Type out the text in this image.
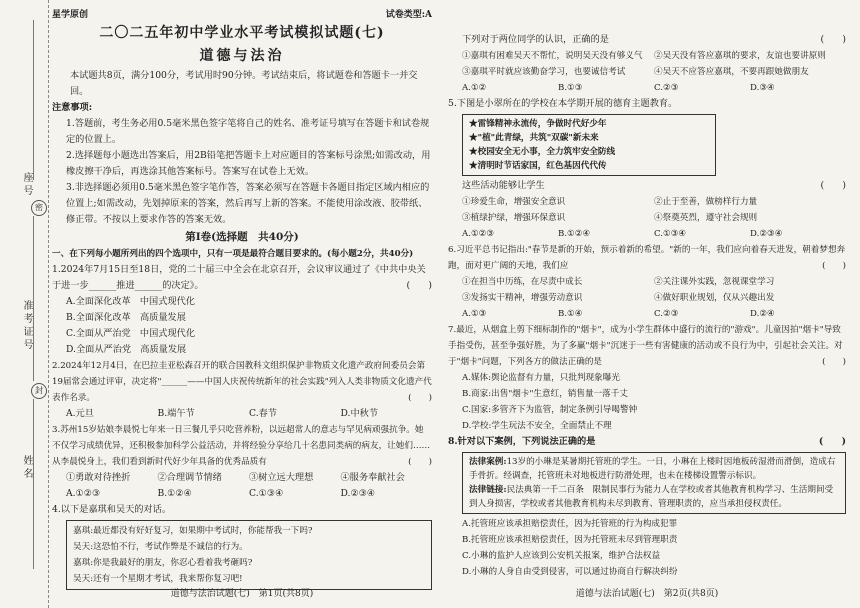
座号
密
准考证号
封
姓名
星学原创	试卷类型:A
二〇二五年初中学业水平考试模拟试题(七)
道德与法治
本试题共8页，满分100分，考试用时90分钟。考试结束后，将试题卷和答题卡一并交回。
注意事项:
1.答题前，考生务必用0.5毫米黑色签字笔将自己的姓名、准考证号填写在答题卡和试卷规定的位置上。
2.选择题每小题选出答案后，用2B铅笔把答题卡上对应题目的答案标号涂黑;如需改动，用橡皮擦干净后，再选涂其他答案标号。答案写在试卷上无效。
3.非选择题必须用0.5毫米黑色签字笔作答，答案必须写在答题卡各题目指定区域内相应的位置上;如需改动，先划掉原来的答案，然后再写上新的答案。不能使用涂改液、胶带纸、修正带。不按以上要求作答的答案无效。
第Ⅰ卷(选择题　共40分)
一、在下列每小题所列出的四个选项中，只有一项是最符合题目要求的。(每小题2分，共40分)
1.2024年7月15日至18日，党的二十届三中全会在北京召开，会议审议通过了《中共中央关于进一步______推进______的决定》。	(　　)
A.全面深化改革　中国式现代化
B.全面深化改革　高质量发展
C.全面从严治党　中国式现代化
D.全面从严治党　高质量发展
2.2024年12月4日，在巴拉圭亚松森召开的联合国教科文组织保护非物质文化遗产政府间委员会第19届常会通过评审，决定将"______——中国人庆祝传统新年的社会实践"列入人类非物质文化遗产代表作名录。	(　　)
A.元旦	B.端午节	C.春节	D.中秋节
3.苏州15岁姑娘李晨悦七年来一日三餐几乎只吃营养粉，以远超常人的意志与罕见病顽强抗争。她不仅学习成绩优异，还积极参加科学公益活动，并将经验分享给几十名患同类病的病友，让她们……从李晨悦身上，我们看到新时代好少年具备的优秀品质有	(　　)
①勇敢对待挫折	②合理调节情绪	③树立远大理想	④服务奉献社会
A.①②③	B.①②④	C.①③④	D.②③④
4.以下是嘉琪和吴天的对话。
嘉琪:最近都没有好好复习，如果期中考试时，你能帮我一下吗?
吴天:这恐怕不行，考试作弊是不诚信的行为。
嘉琪:你是我最好的朋友，你忍心看着我考砸吗?
吴天:还有一个星期才考试，我来帮你复习吧!
道德与法治试题(七)　第1页(共8页)
下列对于两位同学的认识，正确的是	(　　)
①嘉琪有困难吴天不帮忙，说明吴天没有够义气	②吴天没有答应嘉琪的要求，友谊也要讲原则
③嘉琪平时就应该勤奋学习，也要诚信考试	④吴天不应答应嘉琪，不要再跟她做朋友
A.①②	B.①③	C.②③	D.③④
5.下图是小翠所在的学校在本学期开展的德育主题教育。
★雷锋精神永流传，争做时代好少年
★"植"此青绿，共筑"双碳"新未来
★校园安全无小事，全力筑牢安全防线
★清明时节话家国，红色基因代代传
这些活动能够让学生	(　　)
①珍爱生命，增强安全意识	②止于至善，做榜样行力量
③植绿护绿，增强环保意识	④祭奠英烈，遵守社会规则
A.①②③	B.①②④	C.①③④	D.②③④
6.习近平总书记指出:"春节是新的开始，预示着新的希望。"新的一年，我们应向着春天进发，朝着梦想奔跑，面对更广阔的天地，我们应	(　　)
①在担当中历练，在尽责中成长	②关注课外实践，忽视课堂学习
③发扬实干精神，增强劳动意识	④做好职业规划，仅从兴趣出发
A.①③	B.①④	C.②③	D.②④
7.最近，从烟盒上剪下细标制作的"烟卡"，成为小学生群体中盛行的流行的"游戏"。儿童因拍"烟卡"导致手指受伤，甚至争强好胜，为了多赢"烟卡"沉迷于一些有害健康的活动或不良行为中，引起社会关注。对于"烟卡"问题，下列各方的做法正确的是	(　　)
A.媒体:舆论监督有力量，只批判现象曝光
B.商家:出售"烟卡"生意红，销售量一落千丈
C.国家:多管齐下为监管，制定条例引导喝警钟
D.学校:学生玩法不安全，全面禁止不理
8.针对以下案例，下列说法正确的是	(　　)
法律案例:13岁的小琳是某暑期托管班的学生。一日，小琳在上楼时因地板砖湿滑而滑倒，造成右手骨折。经调查，托管班未对地板进行防滑处理，也未在楼梯设置警示标识。
法律链接:民法典第一千二百条　限制民事行为能力人在学校或者其他教育机构学习、生活期间受到人身损害，学校或者其他教育机构未尽到教育、管理职责的，应当承担侵权责任。
A.托管班应该承担赔偿责任，因为托管班的行为构成犯罪
B.托管班应该承担赔偿责任，因为托管班未尽到管理职责
C.小琳的监护人应该到公安机关报案，维护合法权益
D.小琳的人身自由受到侵害，可以通过协商自行解决纠纷
道德与法治试题(七)　第2页(共8页)
